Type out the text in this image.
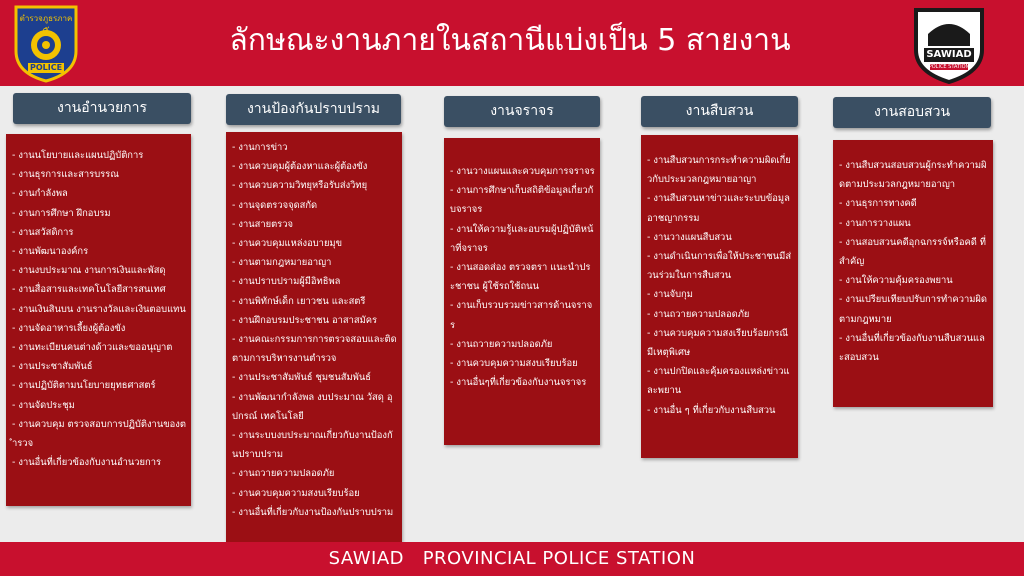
ตำรวจภูธรภาค
๕
POLICE
ลักษณะงานภายในสถานีแบ่งเป็น 5 สายงาน	SAWIAD
POLICE STATION
งานอำนวยการ	งานป้องกันปราบปราม	งานจราจร	งานสืบสวน	งานสอบสวน
- งานนโยบายและแผนปฏิบัติการ
- งานธุรการและสารบรรณ
- งานกำลังพล
- งานการศึกษา ฝึกอบรม
- งานสวัสดิการ
- งานพัฒนาองค์กร
- งานงบประมาณ งานการเงินและพัสดุ
- งานสื่อสารและเทคโนโลยีสารสนเทศ
- งานเงินสินบน งานรางวัลและเงินตอบแทน
- งานจัดอาหารเลี้ยงผู้ต้องขัง
- งานทะเบียนคนต่างด้าวและขออนุญาต
- งานประชาสัมพันธ์
- งานปฏิบัติตามนโยบายยุทธศาสตร์
- งานจัดประชุม
- งานควบคุม ตรวจสอบการปฏิบัติงานของตำรวจ
- งานอื่นที่เกี่ยวข้องกับงานอำนวยการ
- งานการข่าว
- งานควบคุมผู้ต้องหาและผู้ต้องขัง
- งานควบความวิทยุหรือรับส่งวิทยุ
- งานจุดตรวจจุดสกัด
- งานสายตรวจ
- งานควบคุมแหล่งอบายมุข
- งานตามกฎหมายอาญา
- งานปราบปรามผู้มีอิทธิพล
- งานพิทักษ์เด็ก เยาวชน และสตรี
- งานฝึกอบรมประชาชน อาสาสมัคร
- งานคณะกรรมการการตรวจสอบและติดตามการบริหารงานตำรวจ
- งานประชาสัมพันธ์ ชุมชนสัมพันธ์
- งานพัฒนากำลังพล งบประมาณ วัสดุ อุปกรณ์ เทคโนโลยี
- งานระบบงบประมาณเกี่ยวกับงานป้องกันปราบปราม
- งานถวายความปลอดภัย
- งานควบคุมความสงบเรียบร้อย
- งานอื่นที่เกี่ยวกับงานป้องกันปราบปราม
- งานวางแผนและควบคุมการจราจร
- งานการศึกษาเก็บสถิติข้อมูลเกี่ยวกับจราจร
- งานให้ความรู้และอบรมผู้ปฏิบัติหน้าที่จราจร
- งานสอดส่อง ตรวจตรา แนะนำประชาชน ผู้ใช้รถใช้ถนน
- งานเก็บรวบรวมข่าวสารด้านจราจร
- งานถวายความปลอดภัย
- งานควบคุมความสงบเรียบร้อย
- งานอื่นๆที่เกี่ยวข้องกับงานจราจร
- งานสืบสวนการกระทำความผิดเกี่ยวกับประมวลกฎหมายอาญา
- งานสืบสวนหาข่าวและระบบข้อมูลอาชญากรรม
- งานวางแผนสืบสวน
- งานดำเนินการเพื่อให้ประชาชนมีส่วนร่วมในการสืบสวน
- งานจับกุม
- งานถวายความปลอดภัย
- งานควบคุมความสงเรียบร้อยกรณีมีเหตุพิเศษ
- งานปกปิดและคุ้มครองแหล่งข่าวและพยาน
- งานอื่น ๆ ที่เกี่ยวกับงานสืบสวน
- งานสืบสวนสอบสวนผู้กระทำความผิดตามประมวลกฎหมายอาญา
- งานธุรการทางคดี
- งานการวางแผน
- งานสอบสวนคดีอุกฉกรรจ์หรือคดี ที่สำคัญ
- งานให้ความคุ้มครองพยาน
- งานเปรียบเทียบปรับการทำความผิดตามกฎหมาย
- งานอื่นที่เกี่ยวข้องกับงานสืบสวนและสอบสวน
SAWIAD   PROVINCIAL POLICE STATION
